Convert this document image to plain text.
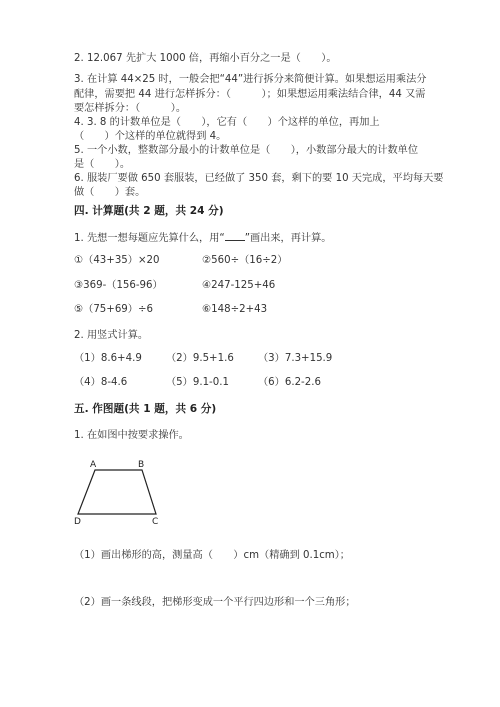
2. 12.067 先扩大 1000 倍，再缩小百分之一是（　　）。
3. 在计算 44×25 时，一般会把“44”进行拆分来简便计算。如果想运用乘法分
配律，需要把 44 进行怎样拆分：（　　　）；如果想运用乘法结合律，44 又需
要怎样拆分：（　　　）。
4. 3. 8 的计数单位是（　　），它有（　　）个这样的单位，再加上
（　　）个这样的单位就得到 4。
5. 一个小数，整数部分最小的计数单位是（　　），小数部分最大的计数单位
是（　　）。
6. 服装厂要做 650 套服装，已经做了 350 套，剩下的要 10 天完成，平均每天要
做（　　）套。
四. 计算题(共 2 题，共 24 分)
1. 先想一想每题应先算什么，用“ ”画出来，再计算。
①（43+35）×20	②560÷（16÷2）
③369-（156-96）	④247-125+46
⑤（75+69）÷6	⑥148÷2+43
2. 用竖式计算。
（1）8.6+4.9 （2）9.5+1.6 （3）7.3+15.9
（4）8-4.6	（5）9.1-0.1	（6）6.2-2.6
五. 作图题(共 1 题，共 6 分)
1. 在如图中按要求操作。
A	B
C
D
（1）画出梯形的高，测量高（　　）cm（精确到 0.1cm）；
（2）画一条线段，把梯形变成一个平行四边形和一个三角形；
